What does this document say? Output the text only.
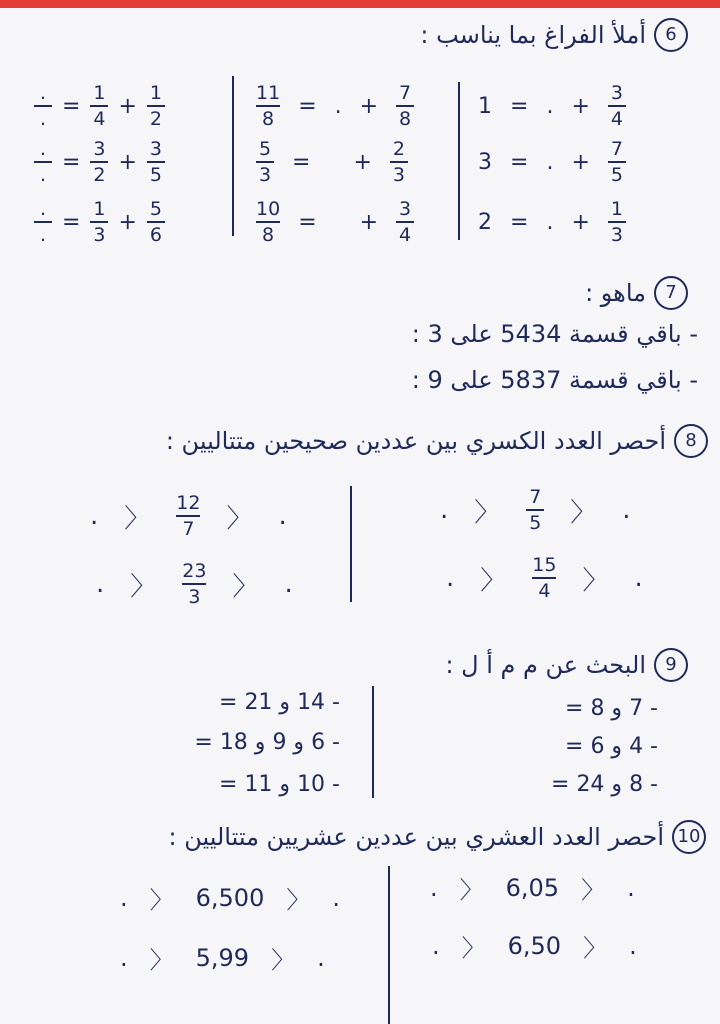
6
أملأ الفراغ بما يناسب :
$\frac{.}{.} = \frac{1}{4} + \frac{1}{2}$
$\frac{.}{.} = \frac{3}{2} + \frac{3}{5}$
$\frac{.}{.} = \frac{1}{3} + \frac{5}{6}$
$\frac{11}{8}$ = . + $\frac{7}{8}$
$\frac{5}{3}$ =
+ $\frac{2}{3}$
$\frac{10}{8}$ =
+ $\frac{3}{4}$
1 = . + $\frac{3}{4}$
3 = . + $\frac{7}{5}$
2 = . + $\frac{1}{3}$
7
ماهو :
- باقي قسمة 5434 على 3 :
- باقي قسمة 5837 على 9 :
8
أحصر العدد الكسري بين عددين صحيحين متتاليين :
. 〉 $\frac{12}{7}$ 〉 .
. 〉 $\frac{23}{3}$ 〉 .
. 〉 $\frac{7}{5}$ 〉 .
. 〉 $\frac{15}{4}$ 〉 .
9
البحث عن م م أ ل :
- 14 و 21 =
- 6 و 9 و 18 =
- 10 و 11 =
- 7 و 8 =
- 4 و 6 =
- 8 و 24 =
10
أحصر العدد العشري بين عددين عشريين متتاليين :
. 〉 6,500 〉 .
. 〉 5,99 〉 .
. 〉 6,05 〉 .
. 〉 6,50 〉 .
